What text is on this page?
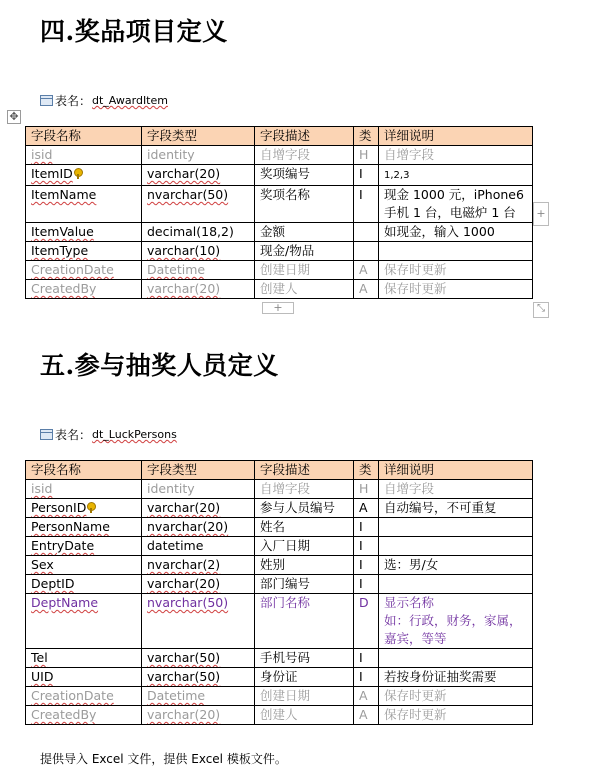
四.奖品项目定义
表名： dt_AwardItem
✥
字段名称	字段类型	字段描述	类	详细说明
isid	identity	自增字段	H	自增字段
ItemID	varchar(20)	奖项编号	I	1,2,3
ItemName	nvarchar(50)	奖项名称	I	现金 1000 元，iPhone6 手机 1 台，电磁炉 1 台
ItemValue	decimal(18,2)	金额		如现金，输入 1000
ItemType	varchar(10)	现金/物品		
CreationDate	Datetime	创建日期	A	保存时更新
CreatedBy	varchar(20)	创建人	A	保存时更新
+
+	⤡
五.参与抽奖人员定义
表名： dt_LuckPersons
字段名称	字段类型	字段描述	类	详细说明
isid	identity	自增字段	H	自增字段
PersonID	varchar(20)	参与人员编号	A	自动编号，不可重复
PersonName	nvarchar(20)	姓名	I	
EntryDate	datetime	入厂日期	I	
Sex	nvarchar(2)	姓别	I	选：男/女
DeptID	varchar(20)	部门编号	I	
DeptName	nvarchar(50)	部门名称	D	显示名称
如：行政，财务，家属，嘉宾，等等
Tel	varchar(50)	手机号码	I	
UID	varchar(50)	身份证	I	若按身份证抽奖需要
CreationDate	Datetime	创建日期	A	保存时更新
CreatedBy	varchar(20)	创建人	A	保存时更新
提供导入 Excel 文件，提供 Excel 模板文件。
